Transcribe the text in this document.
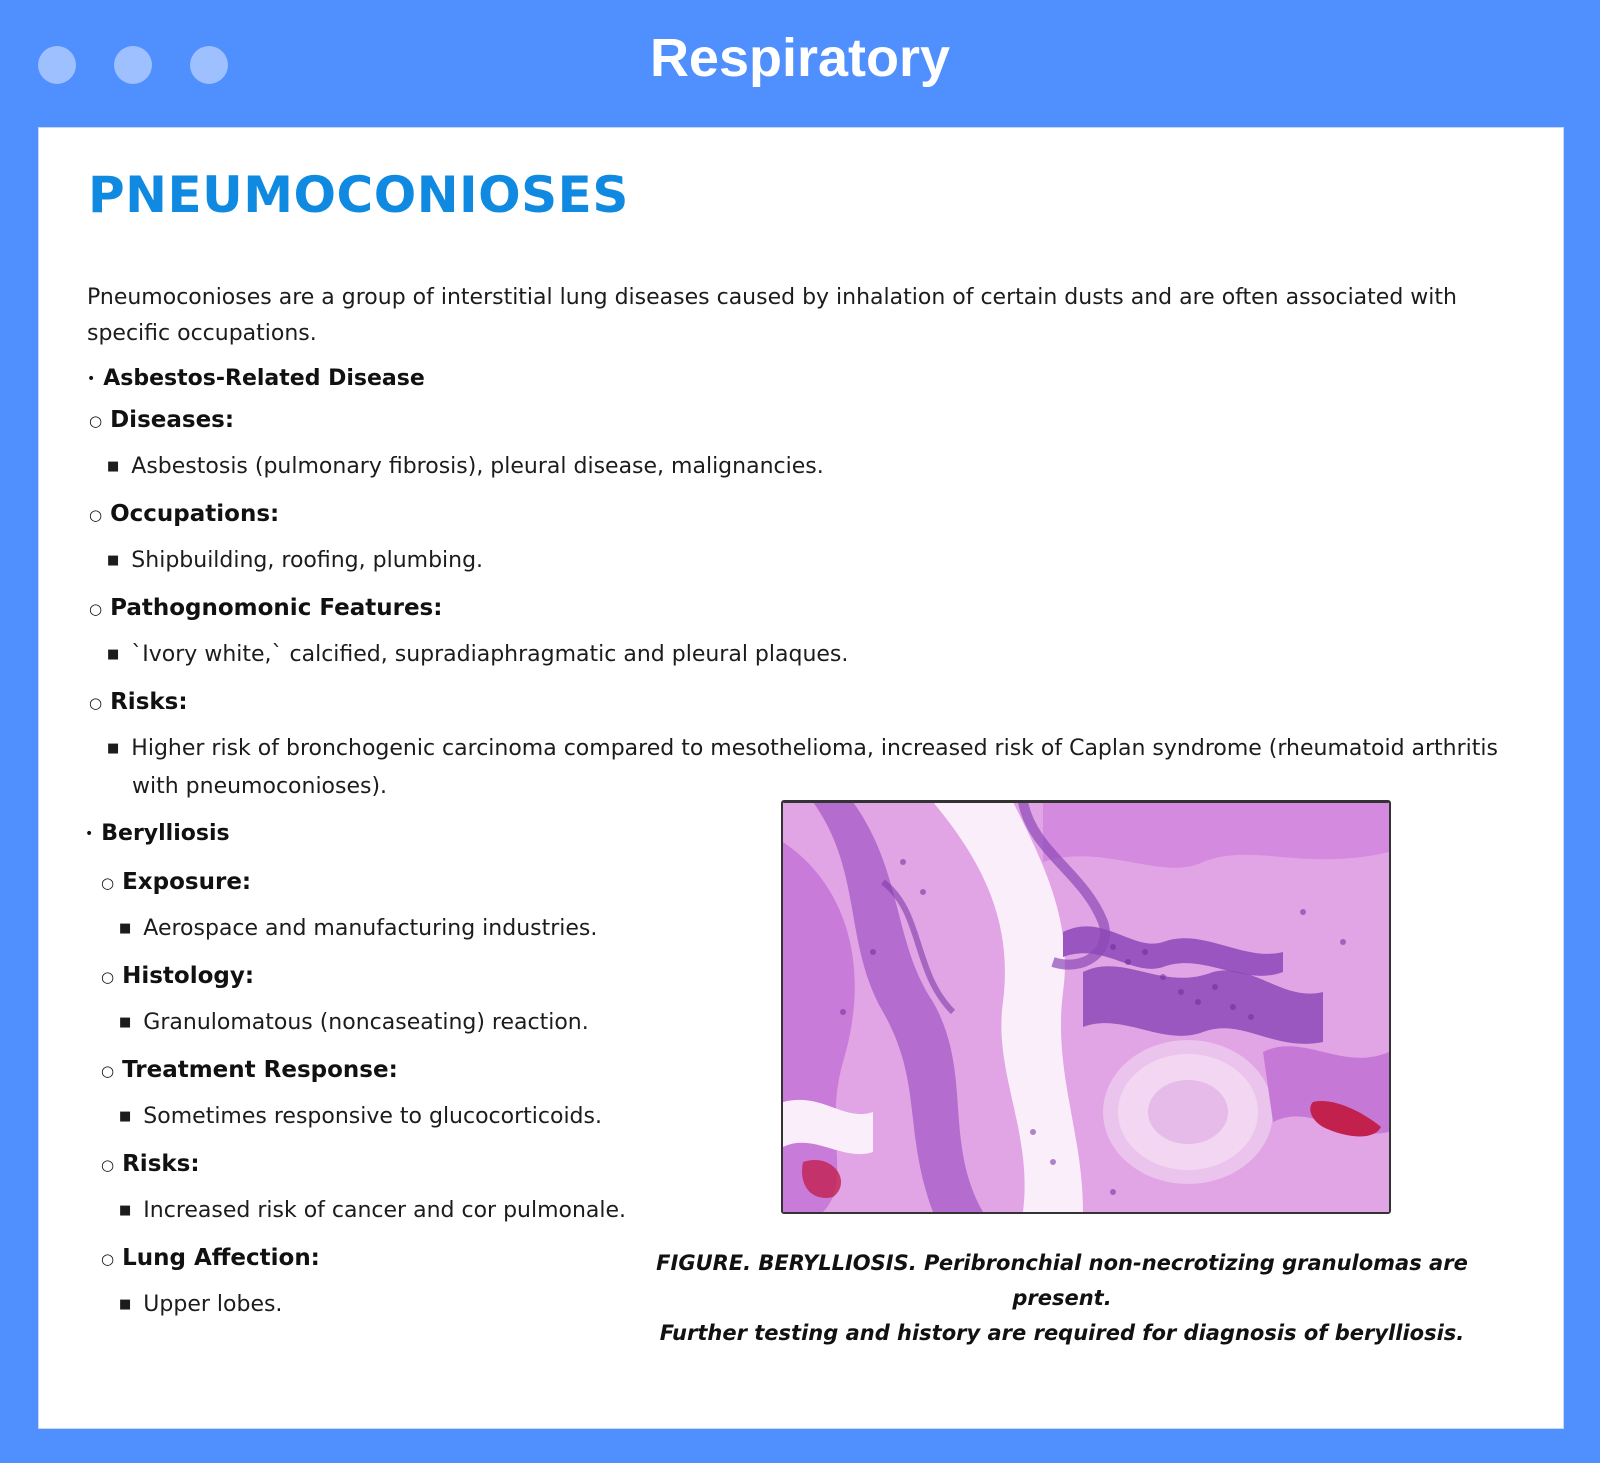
Respiratory
PNEUMOCONIOSES

Pneumoconioses are a group of interstitial lung diseases caused by inhalation of certain dusts and are often associated with specific occupations.

• Asbestos-Related Disease

○ Diseases:

■ Asbestosis (pulmonary fibrosis), pleural disease, malignancies.

○ Occupations:

■ Shipbuilding, roofing, plumbing.

○ Pathognomonic Features:

■ `Ivory white,` calcified, supradiaphragmatic and pleural plaques.

○ Risks:

■ Higher risk of bronchogenic carcinoma compared to mesothelioma, increased risk of Caplan syndrome (rheumatoid arthritis with pneumoconioses).

• Berylliosis

○ Exposure:

■ Aerospace and manufacturing industries.

○ Histology:

■ Granulomatous (noncaseating) reaction.

○ Treatment Response:

■ Sometimes responsive to glucocorticoids.

○ Risks:

■ Increased risk of cancer and cor pulmonale.

○ Lung Affection:

■ Upper lobes.

FIGURE. BERYLLIOSIS. Peribronchial non-necrotizing granulomas are present.
Further testing and history are required for diagnosis of berylliosis.
